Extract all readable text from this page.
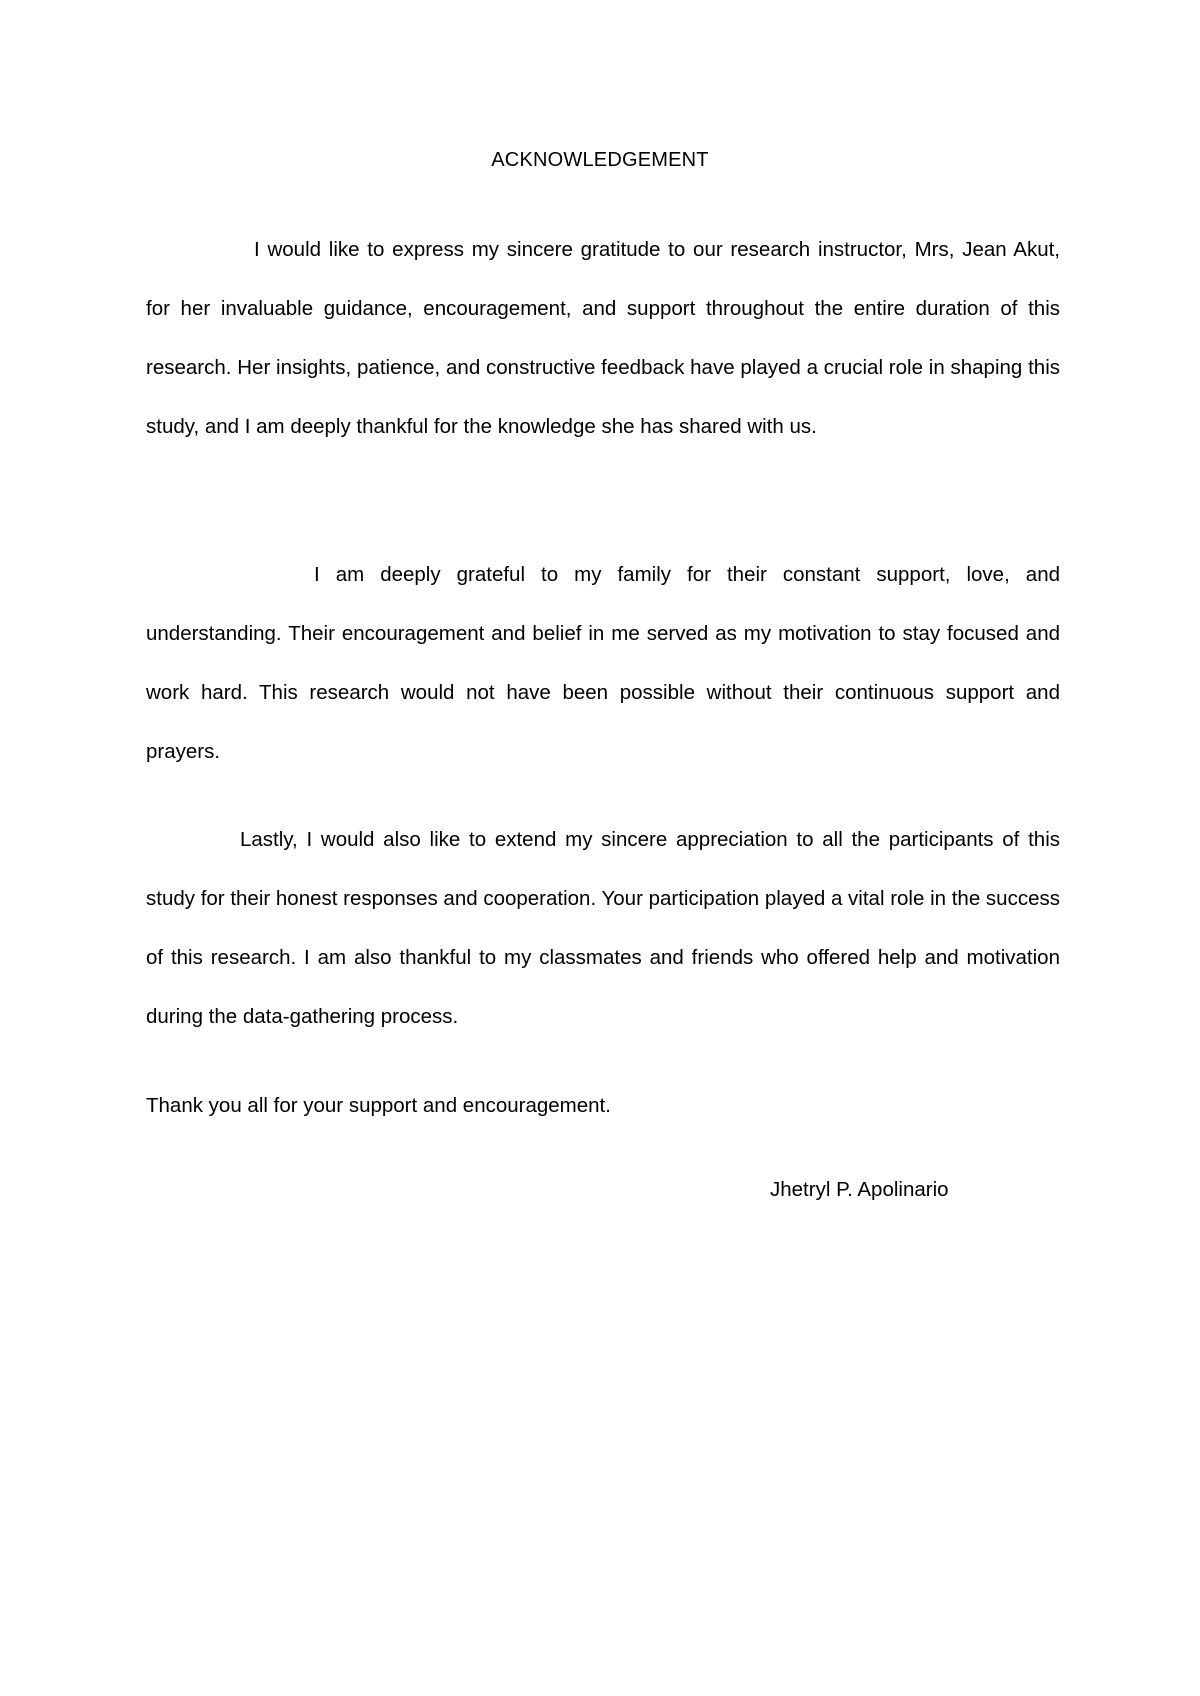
ACKNOWLEDGEMENT

I would like to express my sincere gratitude to our research instructor, Mrs, Jean Akut, for her invaluable guidance, encouragement, and support throughout the entire duration of this research. Her insights, patience, and constructive feedback have played a crucial role in shaping this study, and I am deeply thankful for the knowledge she has shared with us.

I am deeply grateful to my family for their constant support, love, and understanding. Their encouragement and belief in me served as my motivation to stay focused and work hard. This research would not have been possible without their continuous support and prayers.

Lastly, I would also like to extend my sincere appreciation to all the participants of this study for their honest responses and cooperation. Your participation played a vital role in the success of this research. I am also thankful to my classmates and friends who offered help and motivation during the data-gathering process.

Thank you all for your support and encouragement.

Jhetryl P. Apolinario
